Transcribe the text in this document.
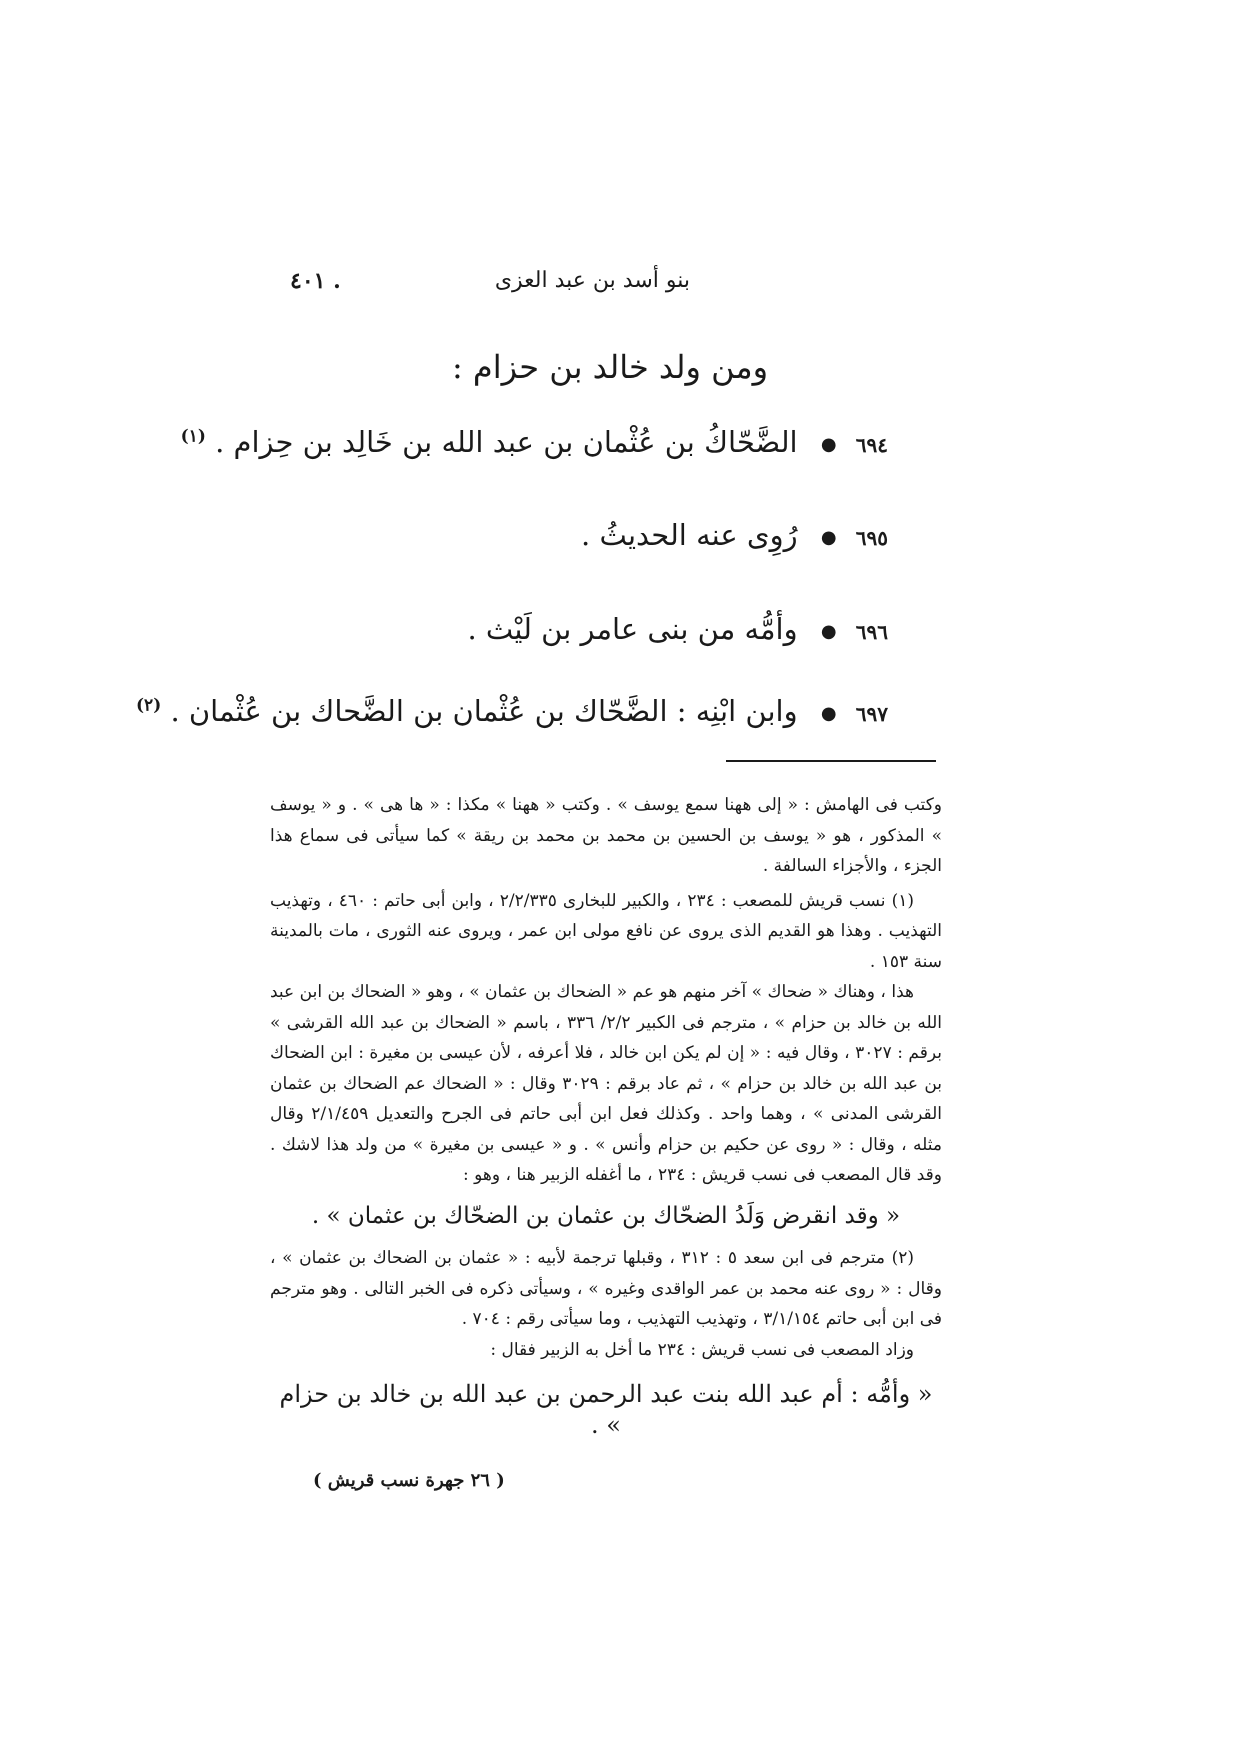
بنو أسد بن عبد العزى
٤٠١ .
ومن ولد خالد بن حزام :
٦٩٤ ● الضَّحّاكُ بن عُثْمان بن عبد الله بن خَالِد بن حِزام . $^{(١)}$
٦٩٥ ● رُوِى عنه الحديثُ .
٦٩٦ ● وأمُّه من بنى عامر بن لَيْث .
٦٩٧ ● وابن ابْنِه : الضَّحّاك بن عُثْمان بن الضَّحاك بن عُثْمان . $^{(٢)}$

وكتب فى الهامش : « إلى ههنا سمع يوسف » . وكتب « ههنا » مكذا : « ها هى » . و « يوسف » المذكور ، هو « يوسف بن الحسين بن محمد بن محمد بن ريقة » كما سيأتى فى سماع هذا الجزء ، والأجزاء السالفة .

(١) نسب قريش للمصعب : ٢٣٤ ، والكبير للبخارى ٢/٢/٣٣٥ ، وابن أبى حاتم : ٤٦٠ ، وتهذيب التهذيب . وهذا هو القديم الذى يروى عن نافع مولى ابن عمر ، ويروى عنه الثورى ، مات بالمدينة سنة ١٥٣ .

هذا ، وهناك « ضحاك » آخر منهم هو عم « الضحاك بن عثمان » ، وهو « الضحاك بن ابن عبد الله بن خالد بن حزام » ، مترجم فى الكبير ٢/٢/ ٣٣٦ ، باسم « الضحاك بن عبد الله القرشى » برقم : ٣٠٢٧ ، وقال فيه : « إن لم يكن ابن خالد ، فلا أعرفه ، لأن عيسى بن مغيرة : ابن الضحاك بن عبد الله بن خالد بن حزام » ، ثم عاد برقم : ٣٠٢٩ وقال : « الضحاك عم الضحاك بن عثمان القرشى المدنى » ، وهما واحد . وكذلك فعل ابن أبى حاتم فى الجرح والتعديل ٢/١/٤٥٩ وقال مثله ، وقال : « روى عن حكيم بن حزام وأنس » . و « عيسى بن مغيرة » من ولد هذا لاشك . وقد قال المصعب فى نسب قريش : ٢٣٤ ، ما أغفله الزبير هنا ، وهو :

« وقد انقرض وَلَدُ الضحّاك بن عثمان بن الضحّاك بن عثمان » .

(٢) مترجم فى ابن سعد ٥ : ٣١٢ ، وقبلها ترجمة لأبيه : « عثمان بن الضحاك بن عثمان » ، وقال : « روى عنه محمد بن عمر الواقدى وغيره » ، وسيأتى ذكره فى الخبر التالى . وهو مترجم فى ابن أبى حاتم ٣/١/١٥٤ ، وتهذيب التهذيب ، وما سيأتى رقم : ٧٠٤ .

وزاد المصعب فى نسب قريش : ٢٣٤ ما أخل به الزبير فقال :

« وأمُّه : أم عبد الله بنت عبد الرحمن بن عبد الله بن خالد بن حزام » .

( ٢٦ جهرة نسب قريش )
